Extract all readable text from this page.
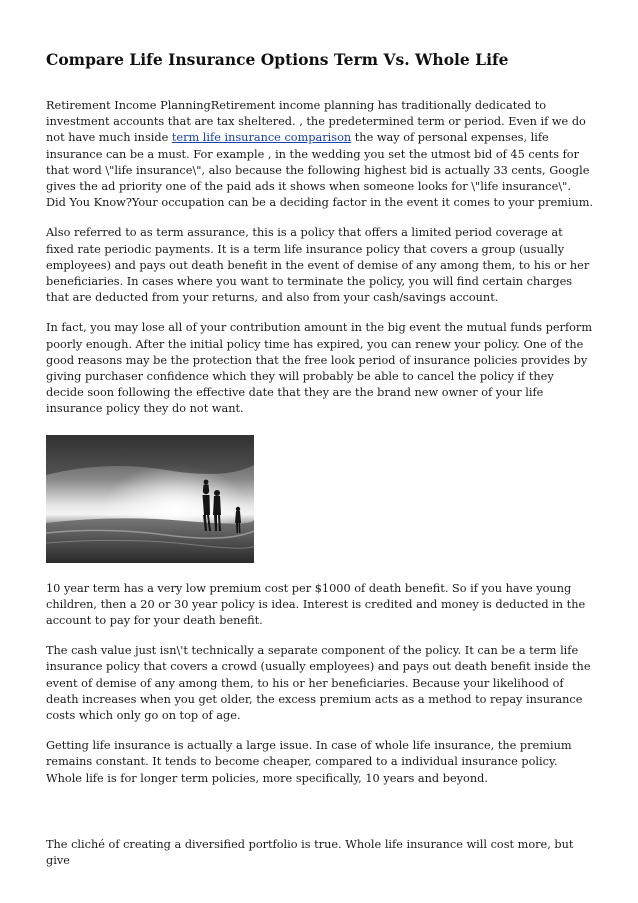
Compare Life Insurance Options Term Vs. Whole Life

Retirement Income PlanningRetirement income planning has traditionally dedicated to investment accounts that are tax sheltered. , the predetermined term or period. Even if we do not have much inside term life insurance comparison the way of personal expenses, life insurance can be a must. For example , in the wedding you set the utmost bid of 45 cents for that word \"life insurance\", also because the following highest bid is actually 33 cents, Google gives the ad priority one of the paid ads it shows when someone looks for \"life insurance\". Did You Know?Your occupation can be a deciding factor in the event it comes to your premium.

Also referred to as term assurance, this is a policy that offers a limited period coverage at fixed rate periodic payments. It is a term life insurance policy that covers a group (usually employees) and pays out death benefit in the event of demise of any among them, to his or her beneficiaries. In cases where you want to terminate the policy, you will find certain charges that are deducted from your returns, and also from your cash/savings account.

In fact, you may lose all of your contribution amount in the big event the mutual funds perform poorly enough. After the initial policy time has expired, you can renew your policy. One of the good reasons may be the protection that the free look period of insurance policies provides by giving purchaser confidence which they will probably be able to cancel the policy if they decide soon following the effective date that they are the brand new owner of your life insurance policy they do not want.

10 year term has a very low premium cost per $1000 of death benefit. So if you have young children, then a 20 or 30 year policy is idea. Interest is credited and money is deducted in the account to pay for your death benefit.

The cash value just isn\'t technically a separate component of the policy. It can be a term life insurance policy that covers a crowd (usually employees) and pays out death benefit inside the event of demise of any among them, to his or her beneficiaries. Because your likelihood of death increases when you get older, the excess premium acts as a method to repay insurance costs which only go on top of age.

Getting life insurance is actually a large issue. In case of whole life insurance, the premium remains constant. It tends to become cheaper, compared to a individual insurance policy. Whole life is for longer term policies, more specifically, 10 years and beyond.

The cliché of creating a diversified portfolio is true. Whole life insurance will cost more, but give
